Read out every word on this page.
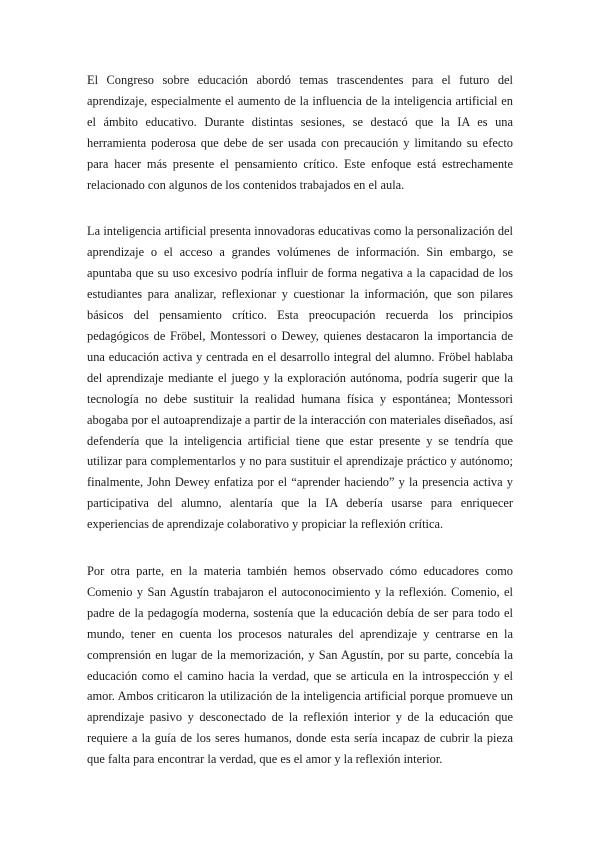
El Congreso sobre educación abordó temas trascendentes para el futuro del aprendizaje, especialmente el aumento de la influencia de la inteligencia artificial en el ámbito educativo. Durante distintas sesiones, se destacó que la IA es una herramienta poderosa que debe de ser usada con precaución y limitando su efecto para hacer más presente el pensamiento crítico. Este enfoque está estrechamente relacionado con algunos de los contenidos trabajados en el aula.

La inteligencia artificial presenta innovadoras educativas como la personalización del aprendizaje o el acceso a grandes volúmenes de información. Sin embargo, se apuntaba que su uso excesivo podría influir de forma negativa a la capacidad de los estudiantes para analizar, reflexionar y cuestionar la información, que son pilares básicos del pensamiento crítico. Esta preocupación recuerda los principios pedagógicos de Fröbel, Montessori o Dewey, quienes destacaron la importancia de una educación activa y centrada en el desarrollo integral del alumno. Fröbel hablaba del aprendizaje mediante el juego y la exploración autónoma, podría sugerir que la tecnología no debe sustituir la realidad humana física y espontánea; Montessori abogaba por el autoaprendizaje a partir de la interacción con materiales diseñados, así defendería que la inteligencia artificial tiene que estar presente y se tendría que utilizar para complementarlos y no para sustituir el aprendizaje práctico y autónomo; finalmente, John Dewey enfatiza por el “aprender haciendo” y la presencia activa y participativa del alumno, alentaría que la IA debería usarse para enriquecer experiencias de aprendizaje colaborativo y propiciar la reflexión crítica.

Por otra parte, en la materia también hemos observado cómo educadores como Comenio y San Agustín trabajaron el autoconocimiento y la reflexión. Comenio, el padre de la pedagogía moderna, sostenía que la educación debía de ser para todo el mundo, tener en cuenta los procesos naturales del aprendizaje y centrarse en la comprensión en lugar de la memorización, y San Agustín, por su parte, concebía la educación como el camino hacia la verdad, que se articula en la introspección y el amor. Ambos criticaron la utilización de la inteligencia artificial porque promueve un aprendizaje pasivo y desconectado de la reflexión interior y de la educación que requiere a la guía de los seres humanos, donde esta sería incapaz de cubrir la pieza que falta para encontrar la verdad, que es el amor y la reflexión interior.
